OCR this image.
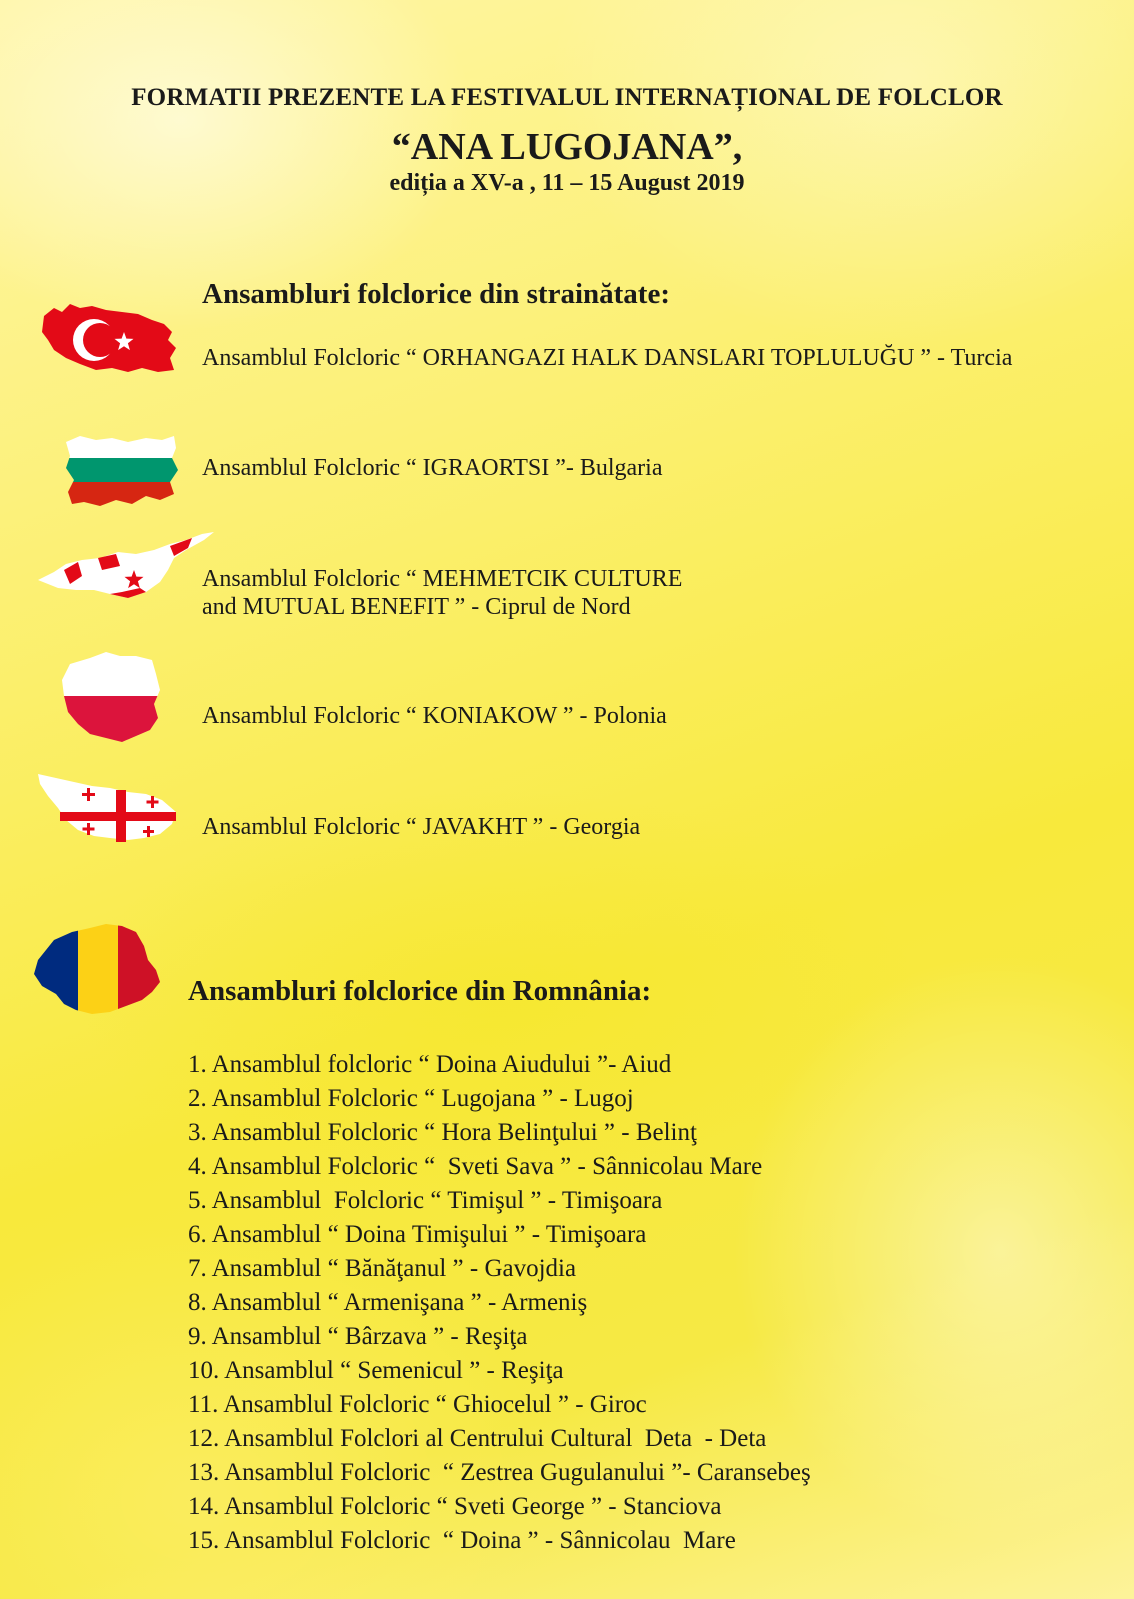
FORMATII PREZENTE LA FESTIVALUL INTERNAȚIONAL DE FOLCLOR
“ANA LUGOJANA”,
ediția a XV-a , 11 – 15 August 2019
Ansambluri folclorice din strainătate:
Ansamblul Folcloric “ ORHANGAZI HALK DANSLARI TOPLULUĞU ” - Turcia
Ansamblul Folcloric “ IGRAORTSI ”- Bulgaria
Ansamblul Folcloric “ MEHMETCIK CULTURE
and MUTUAL BENEFIT ” - Ciprul de Nord
Ansamblul Folcloric “ KONIAKOW ” - Polonia
Ansamblul Folcloric “ JAVAKHT ” - Georgia
Ansambluri folclorice din Romnânia:
1. Ansamblul folcloric “ Doina Aiudului ”- Aiud
2. Ansamblul Folcloric “ Lugojana ” - Lugoj
3. Ansamblul Folcloric “ Hora Belinţului ” - Belinţ
4. Ansamblul Folcloric “  Sveti Sava ” - Sânnicolau Mare
5. Ansamblul  Folcloric “ Timişul ” - Timişoara
6. Ansamblul “ Doina Timişului ” - Timişoara
7. Ansamblul “ Bănăţanul ” - Gavojdia
8. Ansamblul “ Armenişana ” - Armeniş
9. Ansamblul “ Bârzava ” - Reşiţa
10. Ansamblul “ Semenicul ” - Reşiţa
11. Ansamblul Folcloric “ Ghiocelul ” - Giroc
12. Ansamblul Folclori al Centrului Cultural  Deta  - Deta
13. Ansamblul Folcloric  “ Zestrea Gugulanului ”- Caransebeş
14. Ansamblul Folcloric “ Sveti George ” - Stanciova
15. Ansamblul Folcloric  “ Doina ” - Sânnicolau  Mare
